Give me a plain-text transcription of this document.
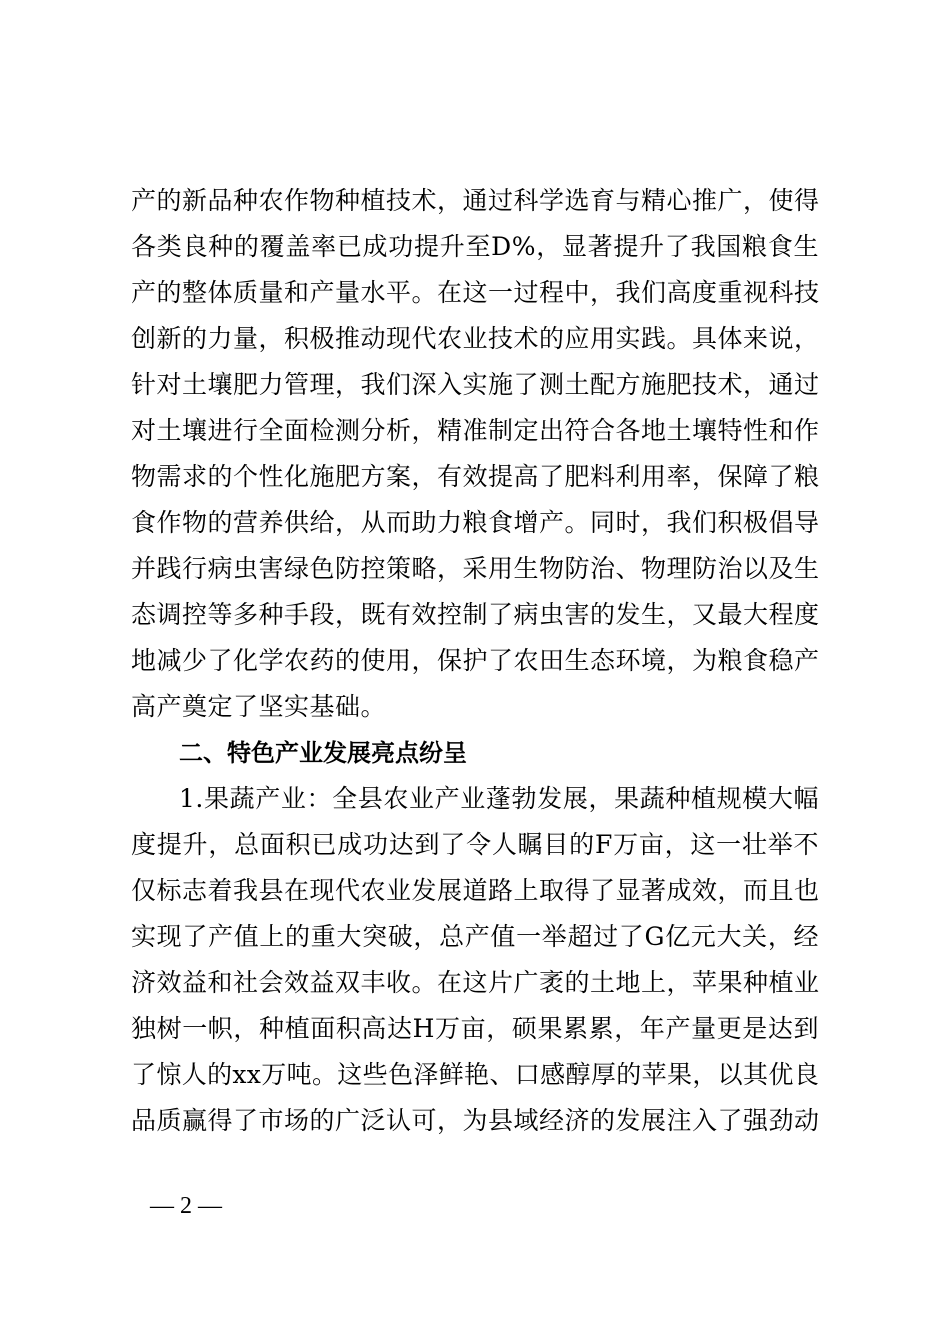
产的新品种农作物种植技术，通过科学选育与精心推广，使得
各类良种的覆盖率已成功提升至D%，显著提升了我国粮食生
产的整体质量和产量水平。在这一过程中，我们高度重视科技
创新的力量，积极推动现代农业技术的应用实践。具体来说，
针对土壤肥力管理，我们深入实施了测土配方施肥技术，通过
对土壤进行全面检测分析，精准制定出符合各地土壤特性和作
物需求的个性化施肥方案，有效提高了肥料利用率，保障了粮
食作物的营养供给，从而助力粮食增产。同时，我们积极倡导
并践行病虫害绿色防控策略，采用生物防治、物理防治以及生
态调控等多种手段，既有效控制了病虫害的发生，又最大程度
地减少了化学农药的使用，保护了农田生态环境，为粮食稳产
高产奠定了坚实基础。
二、特色产业发展亮点纷呈
1.果蔬产业：全县农业产业蓬勃发展，果蔬种植规模大幅
度提升，总面积已成功达到了令人瞩目的F万亩，这一壮举不
仅标志着我县在现代农业发展道路上取得了显著成效，而且也
实现了产值上的重大突破，总产值一举超过了G亿元大关，经
济效益和社会效益双丰收。在这片广袤的土地上，苹果种植业
独树一帜，种植面积高达H万亩，硕果累累，年产量更是达到
了惊人的xx万吨。这些色泽鲜艳、口感醇厚的苹果，以其优良
品质赢得了市场的广泛认可，为县域经济的发展注入了强劲动
— 2 —
